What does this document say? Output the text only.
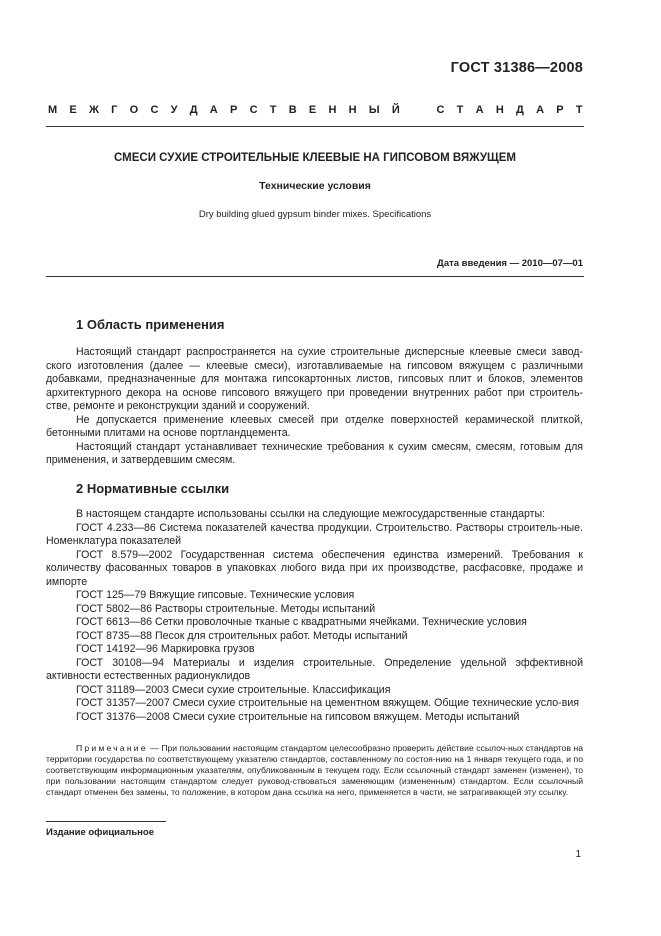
ГОСТ 31386—2008
М Е Ж Г О С У Д А Р С Т В Е Н Н Ы Й	С Т А Н Д А Р Т
СМЕСИ СУХИЕ СТРОИТЕЛЬНЫЕ КЛЕЕВЫЕ НА ГИПСОВОМ ВЯЖУЩЕМ
Технические условия
Dry building glued gypsum binder mixes. Specifications
Дата введения — 2010—07—01
1 Область применения

Настоящий стандарт распространяется на сухие строительные дисперсные клеевые смеси завод-ского изготовления (далее — клеевые смеси), изготавливаемые на гипсовом вяжущем с различными добавками, предназначенные для монтажа гипсокартонных листов, гипсовых плит и блоков, элементов архитектурного декора на основе гипсового вяжущего при проведении внутренних работ при строитель-стве, ремонте и реконструкции зданий и сооружений.

Не допускается применение клеевых смесей при отделке поверхностей керамической плиткой, бетонными плитами на основе портландцемента.

Настоящий стандарт устанавливает технические требования к сухим смесям, смесям, готовым для применения, и затвердевшим смесям.

2 Нормативные ссылки

В настоящем стандарте использованы ссылки на следующие межгосударственные стандарты:

ГОСТ 4.233—86 Система показателей качества продукции. Строительство. Растворы строитель-ные. Номенклатура показателей

ГОСТ 8.579—2002 Государственная система обеспечения единства измерений. Требования к количеству фасованных товаров в упаковках любого вида при их производстве, расфасовке, продаже и импорте

ГОСТ 125—79 Вяжущие гипсовые. Технические условия

ГОСТ 5802—86 Растворы строительные. Методы испытаний

ГОСТ 6613—86 Сетки проволочные тканые с квадратными ячейками. Технические условия

ГОСТ 8735—88 Песок для строительных работ. Методы испытаний

ГОСТ 14192—96 Маркировка грузов

ГОСТ 30108—94 Материалы и изделия строительные. Определение удельной эффективной активности естественных радионуклидов

ГОСТ 31189—2003 Смеси сухие строительные. Классификация

ГОСТ 31357—2007 Смеси сухие строительные на цементном вяжущем. Общие технические усло-вия

ГОСТ 31376—2008 Смеси сухие строительные на гипсовом вяжущем. Методы испытаний

Примечание — При пользовании настоящим стандартом целесообразно проверить действие ссылоч-ных стандартов на территории государства по соответствующему указателю стандартов, составленному по состоя-нию на 1 января текущего года, и по соответствующим информационным указателям, опубликованным в текущем году. Если ссылочный стандарт заменен (изменен), то при пользовании настоящим стандартом следует руковод-ствоваться заменяющим (измененным) стандартом. Если ссылочный стандарт отменен без замены, то положение, в котором дана ссылка на него, применяется в части, не затрагивающей эту ссылку.
Издание официальное
1
